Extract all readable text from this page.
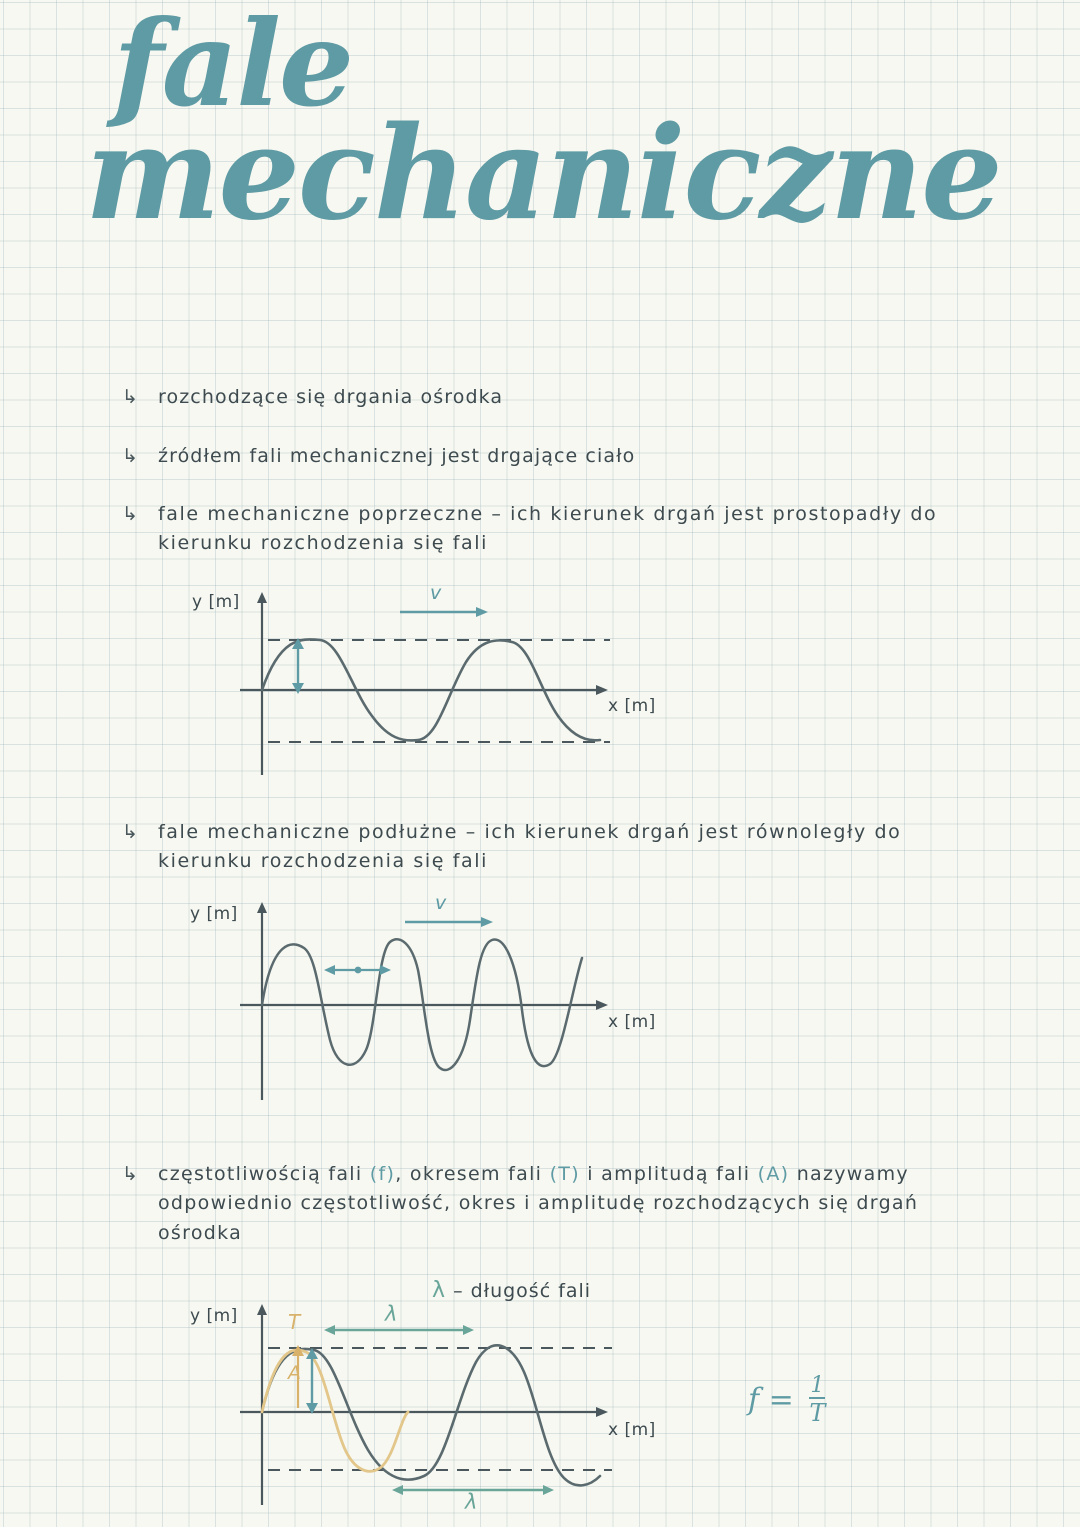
fale
mechaniczne
↳ rozchodzące się drgania ośrodka
↳ źródłem fali mechanicznej jest drgające ciało
↳ fale mechaniczne poprzeczne – ich kierunek drgań jest prostopadły do kierunku rozchodzenia się fali
y [m]
x [m]
v
↳ fale mechaniczne podłużne – ich kierunek drgań jest równoległy do kierunku rozchodzenia się fali
y [m]
x [m]
v
↳ częstotliwością fali (f), okresem fali (T) i amplitudą fali (A) nazywamy odpowiednio częstotliwość, okres i amplitudę rozchodzących się drgań ośrodka
λ – długość fali
y [m]
x [m]
T
A
λ
λ
$f = \frac{1}{T}$
